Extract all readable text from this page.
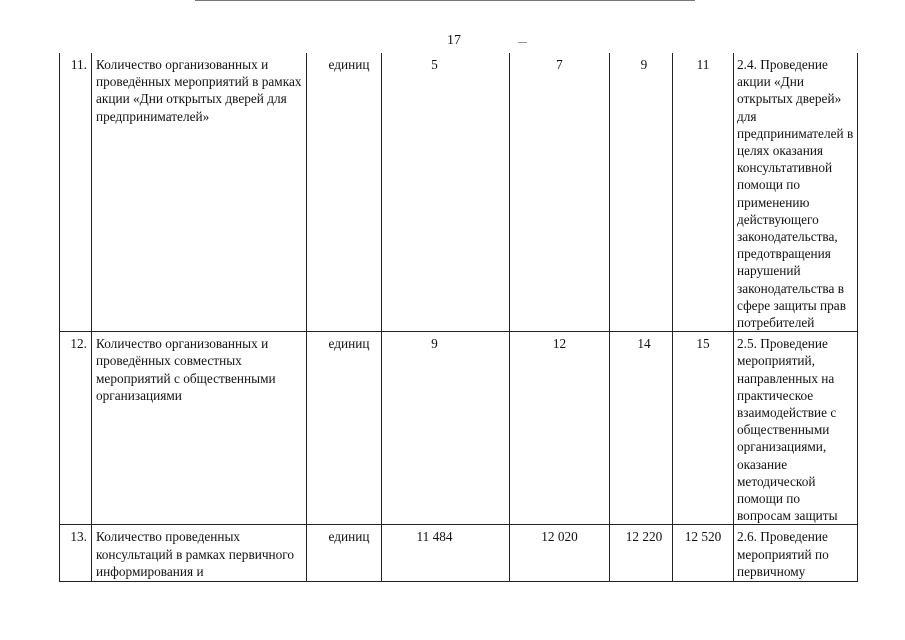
17
11.	Количество организованных и проведённых мероприятий в рамках акции «Дни открытых дверей для предпринимателей»	единиц	5	7	9	11	2.4. Проведение акции «Дни открытых дверей» для предпринимателей в целях оказания консультативной помощи по применению действующего законодательства, предотвращения нарушений законодательства в сфере защиты прав потребителей
12.	Количество организованных и проведённых совместных мероприятий с общественными организациями	единиц	9	12	14	15	2.5. Проведение мероприятий, направленных на практическое взаимодействие с общественными организациями, оказание методической помощи по вопросам защиты
13.	Количество проведенных консультаций в рамках первичного информирования и	единиц	11 484	12 020	12 220	12 520	2.6. Проведение мероприятий по первичному
